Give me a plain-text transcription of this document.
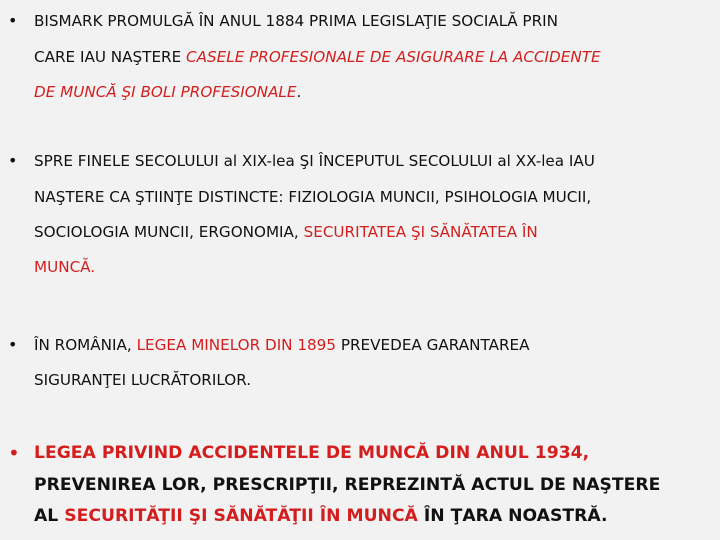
• BISMARK PROMULGĂ ÎN ANUL 1884 PRIMA LEGISLAŢIE SOCIALĂ PRIN
CARE IAU NAŞTERE CASELE PROFESIONALE DE ASIGURARE LA ACCIDENTE
DE MUNCĂ ŞI BOLI PROFESIONALE.
• SPRE FINELE SECOLULUI al XIX-lea ŞI ÎNCEPUTUL SECOLULUI al XX-lea IAU
NAŞTERE CA ŞTIINŢE DISTINCTE: FIZIOLOGIA MUNCII, PSIHOLOGIA MUCII,
SOCIOLOGIA MUNCII, ERGONOMIA, SECURITATEA ŞI SĂNĂTATEA ÎN
MUNCĂ.
• ÎN ROMÂNIA, LEGEA MINELOR DIN 1895 PREVEDEA GARANTAREA
SIGURANŢEI LUCRĂTORILOR.
• LEGEA PRIVIND ACCIDENTELE DE MUNCĂ DIN ANUL 1934,
PREVENIREA LOR, PRESCRIPŢII, REPREZINTĂ ACTUL DE NAŞTERE
AL SECURITĂŢII ŞI SĂNĂTĂŢII ÎN MUNCĂ ÎN ŢARA NOASTRĂ.
